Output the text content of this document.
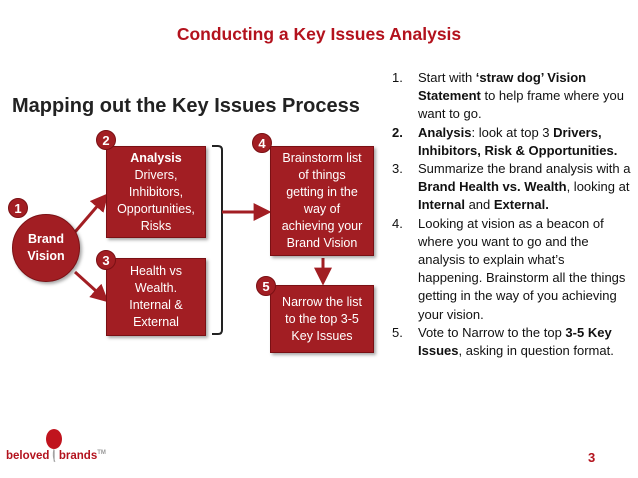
Conducting a Key Issues Analysis
Mapping out the Key Issues Process
Brand
Vision
1
Analysis
Drivers,
Inhibitors,
Opportunities,
Risks
2
Health vs
Wealth.
Internal &
External
3
Brainstorm list
of things
getting in the
way of
achieving your
Brand Vision
4
Narrow the list
to the top 3-5
Key Issues
5
1. Start with ‘straw dog’ Vision Statement to help frame where you want to go.
2. Analysis: look at top 3 Drivers, Inhibitors, Risk & Opportunities.
3. Summarize the brand analysis with a Brand Health vs. Wealth, looking at Internal and External.
4. Looking at vision as a beacon of where you want to go and the analysis to explain what’s happening. Brainstorm all the things getting in the way of you achieving your vision.
5. Vote to Narrow to the top 3-5 Key Issues, asking in question format.
beloved | brands™	3
